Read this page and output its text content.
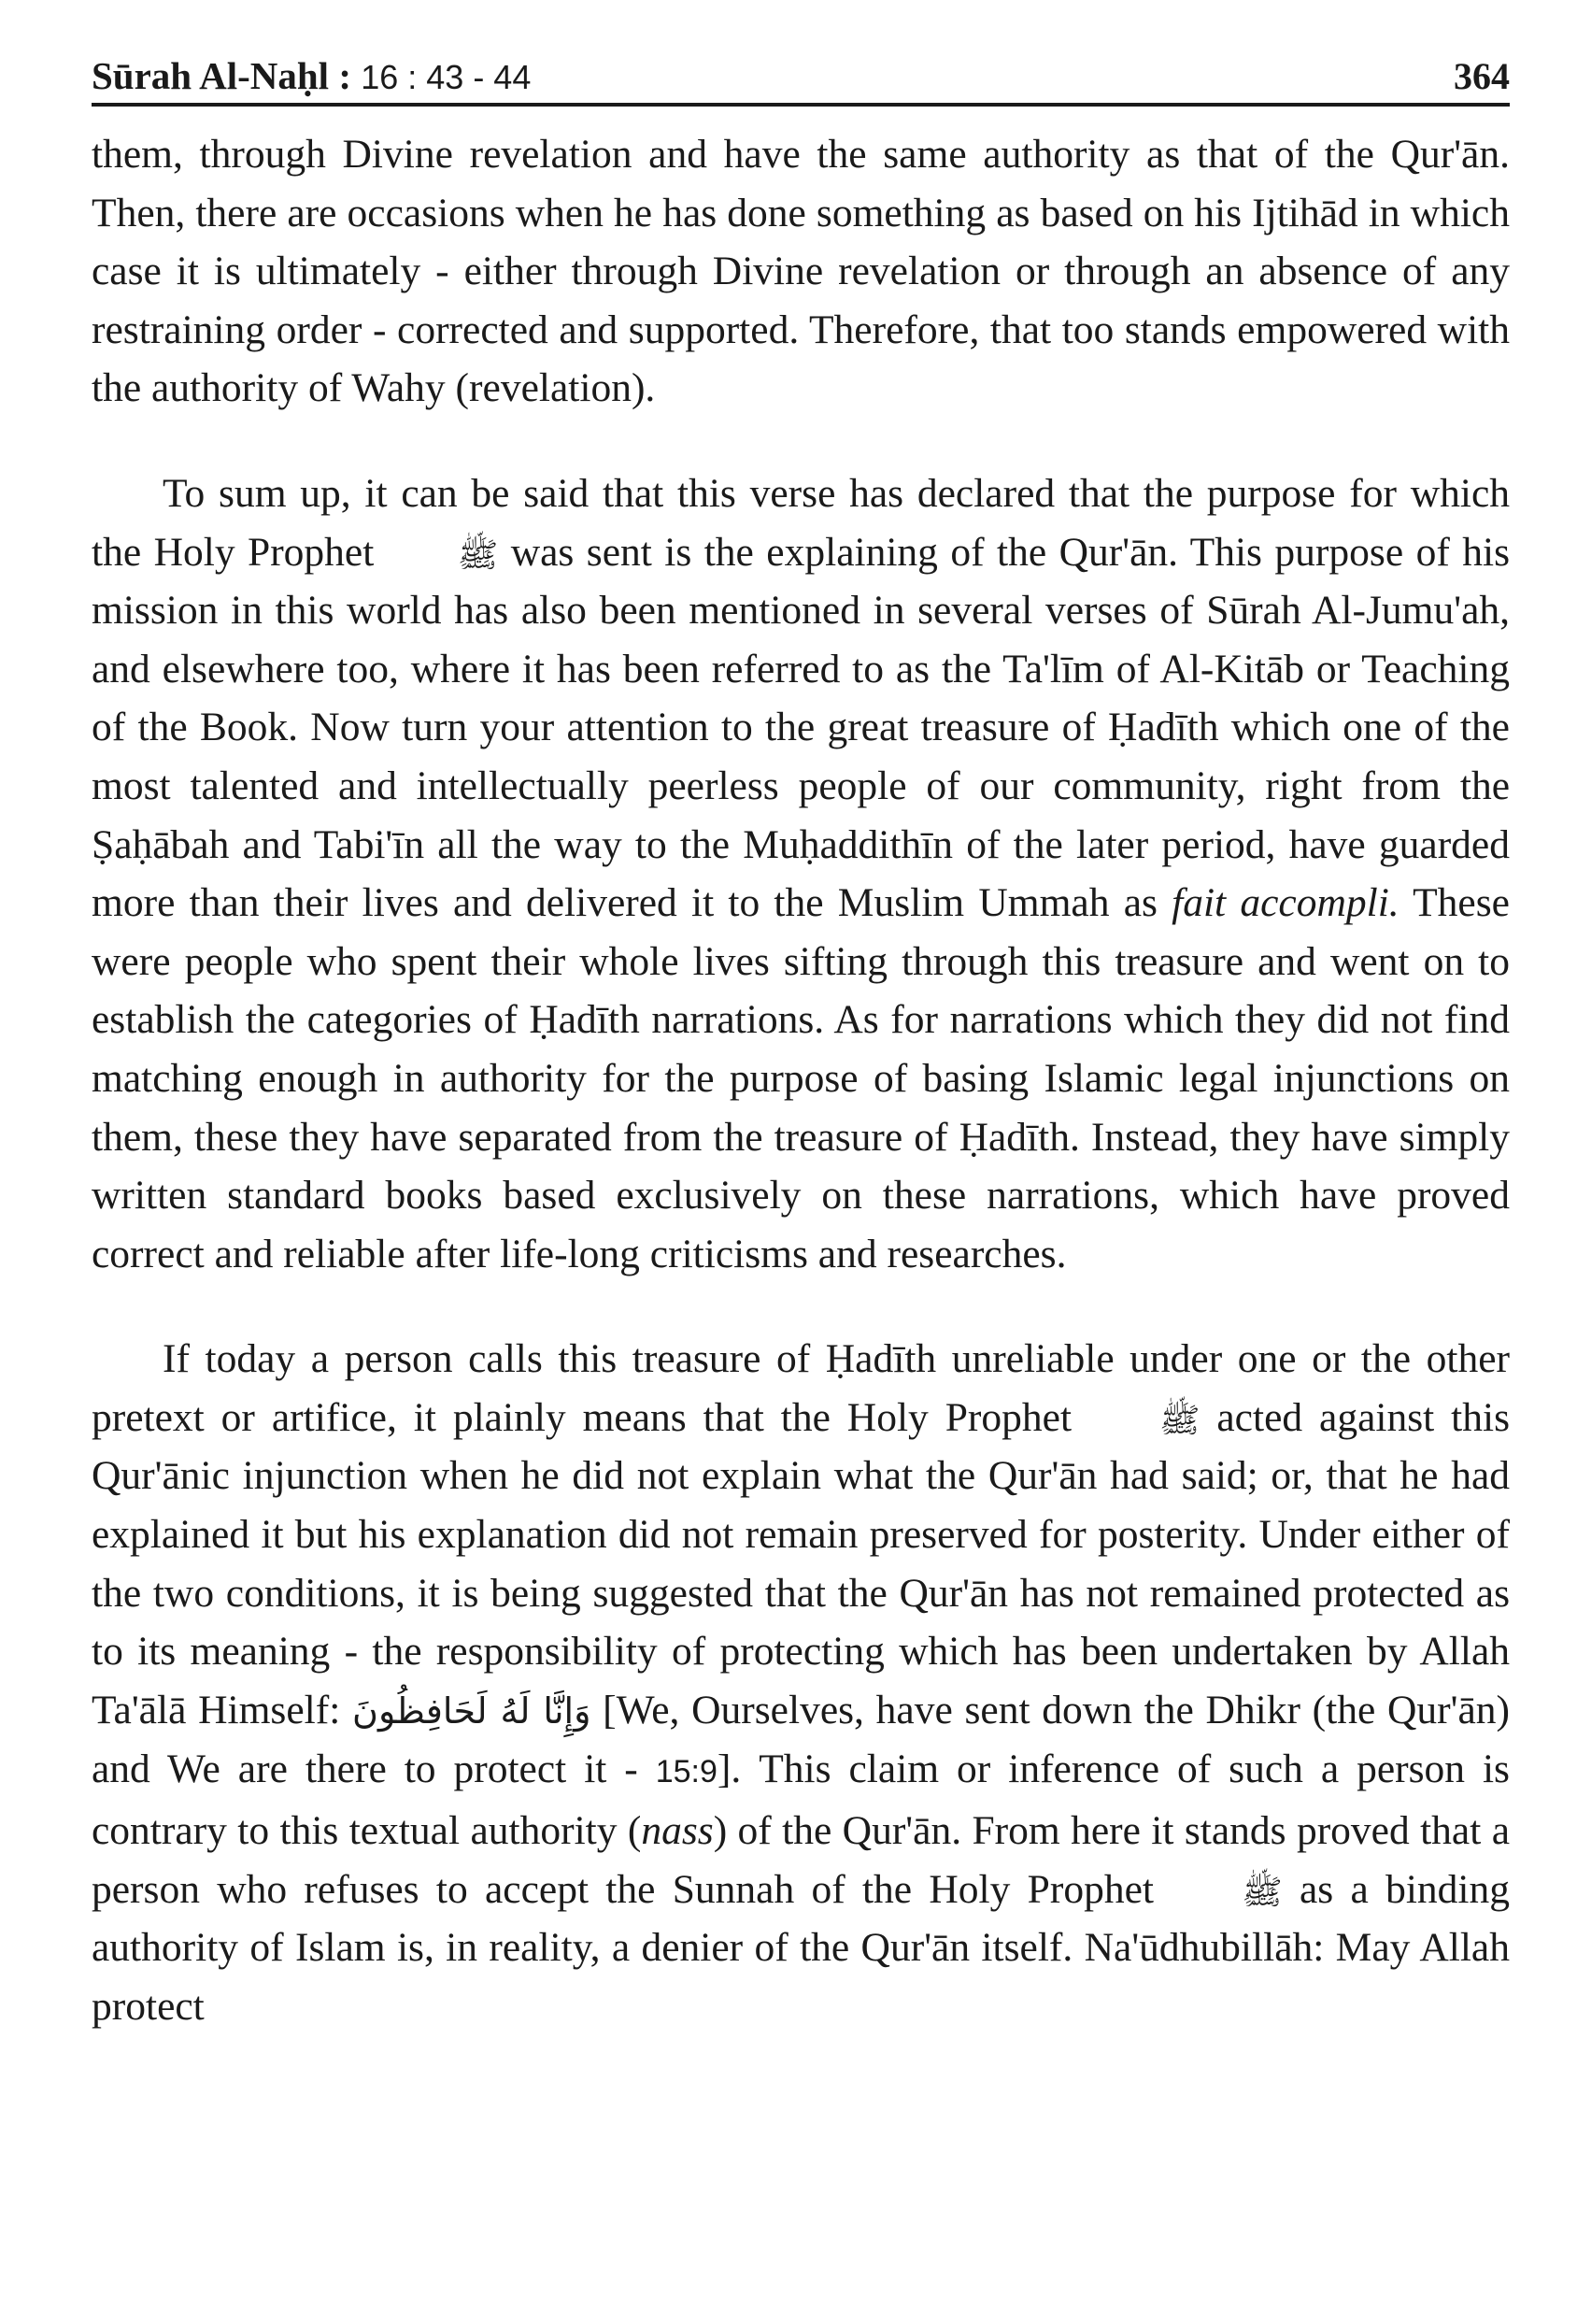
Sūrah Al-Naḥl : 16 : 43 - 44	364

them, through Divine revelation and have the same authority as that of the Qur'ān. Then, there are occasions when he has done something as based on his Ijtihād in which case it is ultimately - either through Divine revelation or through an absence of any restraining order - corrected and supported. Therefore, that too stands empowered with the authority of Wahy (revelation).

To sum up, it can be said that this verse has declared that the purpose for which the Holy Prophet ﷺ was sent is the explaining of the Qur'ān. This purpose of his mission in this world has also been mentioned in several verses of Sūrah Al-Jumu'ah, and elsewhere too, where it has been referred to as the Ta'līm of Al-Kitāb or Teaching of the Book. Now turn your attention to the great treasure of Ḥadīth which one of the most talented and intellectually peerless people of our community, right from the Ṣaḥābah and Tabi'īn all the way to the Muḥaddithīn of the later period, have guarded more than their lives and delivered it to the Muslim Ummah as fait accompli. These were people who spent their whole lives sifting through this treasure and went on to establish the categories of Ḥadīth narrations. As for narrations which they did not find matching enough in authority for the purpose of basing Islamic legal injunctions on them, these they have separated from the treasure of Ḥadīth. Instead, they have simply written standard books based exclusively on these narrations, which have proved correct and reliable after life-long criticisms and researches.

If today a person calls this treasure of Ḥadīth unreliable under one or the other pretext or artifice, it plainly means that the Holy Prophet ﷺ acted against this Qur'ānic injunction when he did not explain what the Qur'ān had said; or, that he had explained it but his explanation did not remain preserved for posterity. Under either of the two conditions, it is being suggested that the Qur'ān has not remained protected as to its meaning - the responsibility of protecting which has been undertaken by Allah Ta'ālā Himself: وَإِنَّا لَهُ لَحَافِظُونَ [We, Ourselves, have sent down the Dhikr (the Qur'ān) and We are there to protect it - 15:9]. This claim or inference of such a person is contrary to this textual authority (nass) of the Qur'ān. From here it stands proved that a person who refuses to accept the Sunnah of the Holy Prophet ﷺ as a binding authority of Islam is, in reality, a denier of the Qur'ān itself. Na'ūdhubillāh: May Allah protect
